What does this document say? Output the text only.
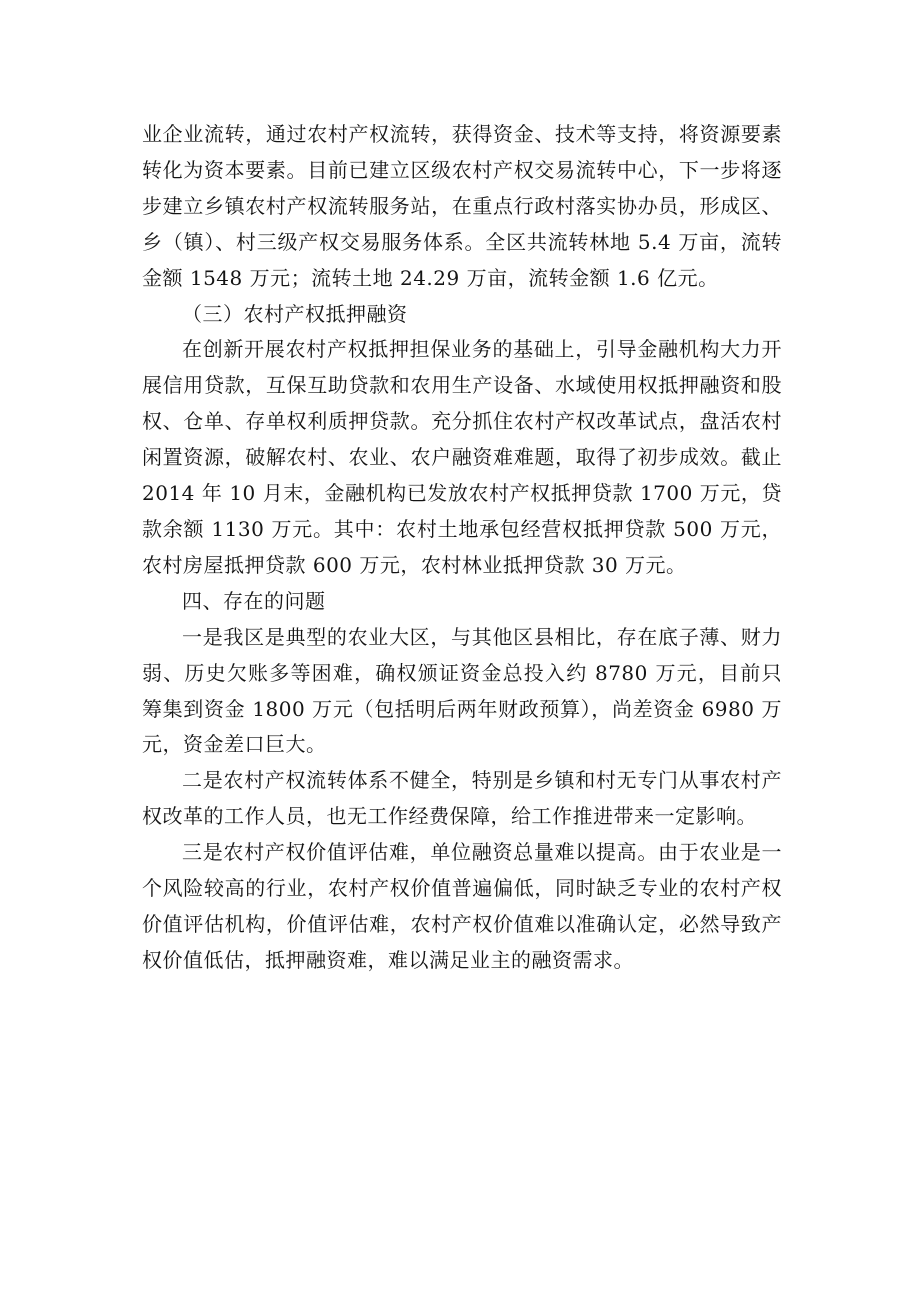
业企业流转，通过农村产权流转，获得资金、技术等支持，将资源要素转化为资本要素。目前已建立区级农村产权交易流转中心，下一步将逐步建立乡镇农村产权流转服务站，在重点行政村落实协办员，形成区、乡（镇）、村三级产权交易服务体系。全区共流转林地 5.4 万亩，流转金额 1548 万元；流转土地 24.29 万亩，流转金额 1.6 亿元。

（三）农村产权抵押融资

在创新开展农村产权抵押担保业务的基础上，引导金融机构大力开展信用贷款，互保互助贷款和农用生产设备、水域使用权抵押融资和股权、仓单、存单权利质押贷款。充分抓住农村产权改革试点，盘活农村闲置资源，破解农村、农业、农户融资难难题，取得了初步成效。截止 2014 年 10 月末，金融机构已发放农村产权抵押贷款 1700 万元，贷款余额 1130 万元。其中：农村土地承包经营权抵押贷款 500 万元，农村房屋抵押贷款 600 万元，农村林业抵押贷款 30 万元。

四、存在的问题

一是我区是典型的农业大区，与其他区县相比，存在底子薄、财力弱、历史欠账多等困难，确权颁证资金总投入约 8780 万元，目前只筹集到资金 1800 万元（包括明后两年财政预算），尚差资金 6980 万元，资金差口巨大。

二是农村产权流转体系不健全，特别是乡镇和村无专门从事农村产权改革的工作人员，也无工作经费保障，给工作推进带来一定影响。

三是农村产权价值评估难，单位融资总量难以提高。由于农业是一个风险较高的行业，农村产权价值普遍偏低，同时缺乏专业的农村产权价值评估机构，价值评估难，农村产权价值难以准确认定，必然导致产权价值低估，抵押融资难，难以满足业主的融资需求。
